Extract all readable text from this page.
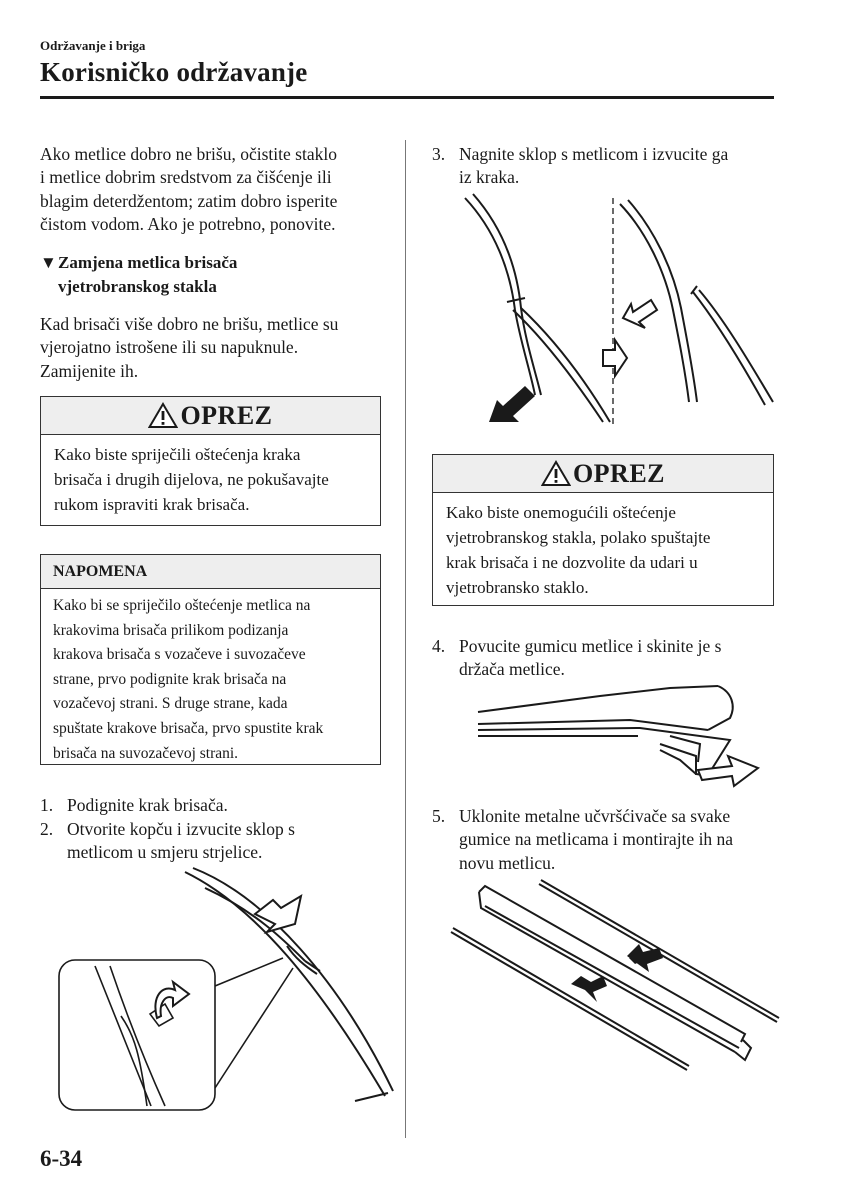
Održavanje i briga
Korisničko održavanje

Ako metlice dobro ne brišu, očistite staklo
i metlice dobrim sredstvom za čišćenje ili
blagim deterdžentom; zatim dobro isperite
čistom vodom. Ako je potrebno, ponovite.

▼Zamjena metlica brisača
vjetrobranskog stakla

Kad brisači više dobro ne brišu, metlice su
vjerojatno istrošene ili su napuknule.
Zamijenite ih.

OPREZ
Kako biste spriječili oštećenja kraka
brisača i drugih dijelova, ne pokušavajte
rukom ispraviti krak brisača.
NAPOMENA
Kako bi se spriječilo oštećenje metlica na
krakovima brisača prilikom podizanja
krakova brisača s vozačeve i suvozačeve
strane, prvo podignite krak brisača na
vozačevoj strani. S druge strane, kada
spuštate krakove brisača, prvo spustite krak
brisača na suvozačevoj strani.
1. Podignite krak brisača.
2. Otvorite kopču i izvucite sklop s
metlicom u smjeru strjelice.
3. Nagnite sklop s metlicom i izvucite ga
iz kraka.
OPREZ
Kako biste onemogućili oštećenje
vjetrobranskog stakla, polako spuštajte
krak brisača i ne dozvolite da udari u
vjetrobransko staklo.
4. Povucite gumicu metlice i skinite je s
držača metlice.
5. Uklonite metalne učvršćivače sa svake
gumice na metlicama i montirajte ih na
novu metlicu.
6-34
